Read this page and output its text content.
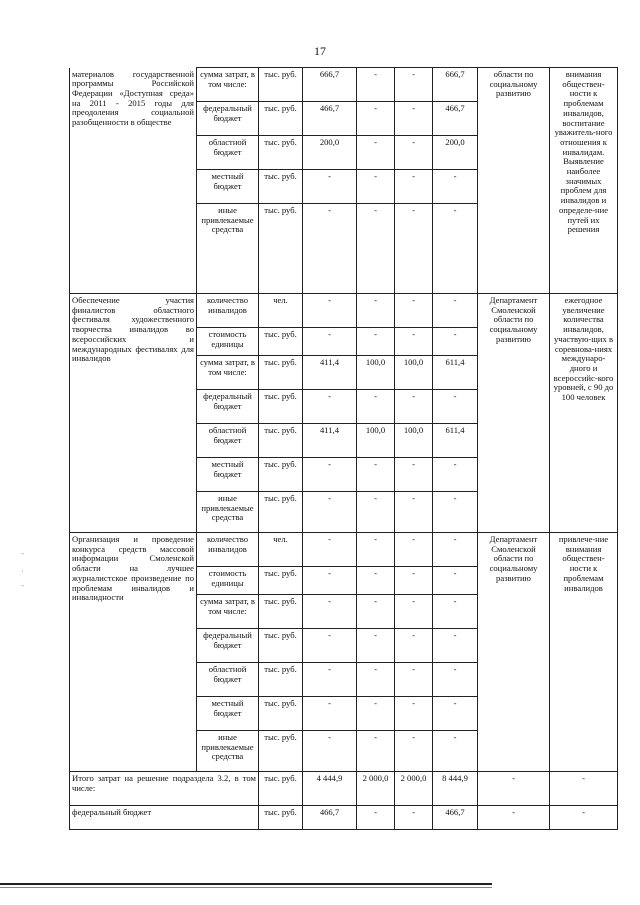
17
-
·
-
материалов государственной программы Российской Федерации «Доступная среда» на 2011 - 2015 годы для преодоления социальной разобщенности в обществе	сумма затрат, в том числе:	тыс. руб.	666,7	-	-	666,7	области по социальному развитию	внимания обществен-ности к проблемам инвалидов, воспитание уважитель-ного отношения к инвалидам. Выявление наиболее значимых проблем для инвалидов и определе-ние путей их решения
	федеральный бюджет	тыс. руб.	466,7	-	-	466,7		
	областной бюджет	тыс. руб.	200,0	-	-	200,0		
	местный бюджет	тыс. руб.	-	-	-	-		
	иные привлекаемые средства	тыс. руб.	-	-	-	-		
Обеспечение участия финалистов областного фестиваля художественного творчества инвалидов во всероссийских и международных фестивалях для инвалидов	количество инвалидов	чел.	-	-	-	-	Департамент Смоленской области по социальному развитию	ежегодное увеличение количества инвалидов, участвую-щих в соревнова-ниях междунаро-дного и всероссийс-кого уровней, с 90 до 100 человек
	стоимость единицы	тыс. руб.	-	-	-	-		
	сумма затрат, в том числе:	тыс. руб.	411,4	100,0	100,0	611,4		
	федеральный бюджет	тыс. руб.	-	-	-	-		
	областной бюджет	тыс. руб.	411,4	100,0	100,0	611,4		
	местный бюджет	тыс. руб.	-	-	-	-		
	иные привлекаемые средства	тыс. руб.	-	-	-	-		
Организация и проведение конкурса средств массовой информации Смоленской области на лучшее журналистское произведение по проблемам инвалидов и инвалидности	количество инвалидов	чел.	-	-	-	-	Департамент Смоленской области по социальному развитию	привлече-ние внимания обществен-ности к проблемам инвалидов
	стоимость единицы	тыс. руб.	-	-	-	-		
	сумма затрат, в том числе:	тыс. руб.	-	-	-	-		
	федеральный бюджет	тыс. руб.	-	-	-	-		
	областной бюджет	тыс. руб.	-	-	-	-		
	местный бюджет	тыс. руб.	-	-	-	-		
	иные привлекаемые средства	тыс. руб.	-	-	-	-		
Итого затрат на решение подраздела 3.2, в том числе:		тыс. руб.	4 444,9	2 000,0	2 000,0	8 444,9	-	-
федеральный бюджет		тыс. руб.	466,7	-	-	466,7	-	-
